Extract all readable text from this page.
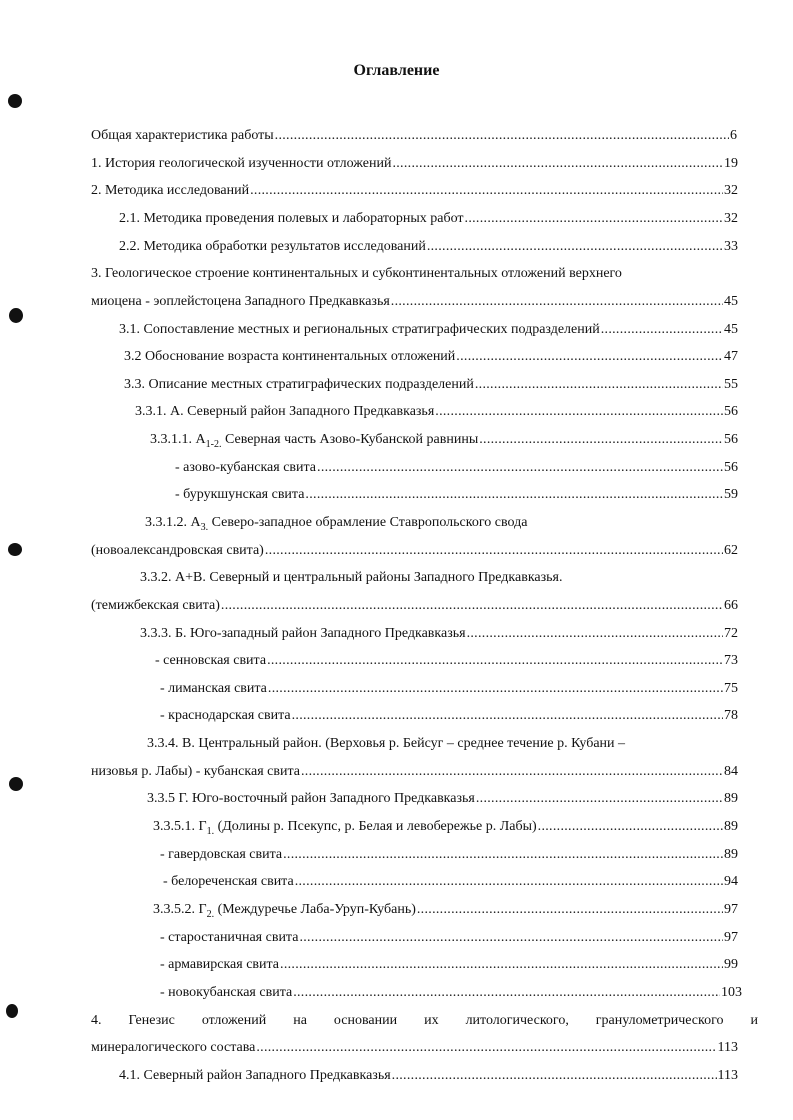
Оглавление
Общая характеристика работы . . .	6
1. История геологической изученности отложений . . .	19
2. Методика исследований . . .	32
2.1. Методика проведения полевых и лабораторных работ . . .	32
2.2. Методика обработки результатов исследований . . .	33
3. Геологическое строение континентальных и субконтинентальных отложений верхнего
миоцена - эоплейстоцена Западного Предкавказья . . .	45
3.1. Сопоставление местных и региональных стратиграфических подразделений . . .	45
3.2 Обоснование возраста континентальных отложений . . .	47
3.3. Описание местных стратиграфических подразделений . . .	55
3.3.1. А. Северный район Западного Предкавказья . . .	56
3.3.1.1. $А_{1-2.}$ Северная часть Азово-Кубанской равнины . . .	56
- азово-кубанская свита . . .	56
- бурукшунская свита . . .	59
3.3.1.2. $А_{3.}$ Северо-западное обрамление Ставропольского свода
(новоалександровская свита) . . .	62
3.3.2. А+В. Северный и центральный районы Западного Предкавказья.
(темижбекская свита) . . .	66
3.3.3. Б. Юго-западный район Западного Предкавказья . . .	72
- сенновская свита . . .	73
- лиманская свита . . .	75
- краснодарская свита . . .	78
3.3.4. В. Центральный район. (Верховья р. Бейсуг – среднее течение р. Кубани –
низовья р. Лабы) - кубанская свита . . .	84
3.3.5 Г. Юго-восточный район Западного Предкавказья . . .	89
3.3.5.1. $Г_{1.}$ (Долины р. Псекупс, р. Белая и левобережье р. Лабы) . . .	89
- гавердовская свита . . .	89
- белореченская свита . . .	94
3.3.5.2. $Г_{2.}$ (Междуречье Лаба-Уруп-Кубань) . . .	97
- старостаничная свита . . .	97
- армавирская свита . . .	99
- новокубанская свита . . .	103
4. Генезис отложений на основании их литологического, гранулометрического и
минералогического состава . . .	113
4.1. Северный район Западного Предкавказья . . .	113
